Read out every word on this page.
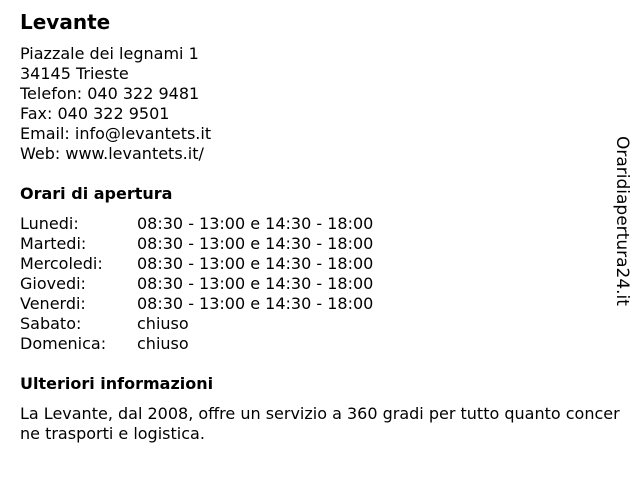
Levante
Piazzale dei legnami 1
34145 Trieste
Telefon: 040 322 9481
Fax: 040 322 9501
Email: info@levantets.it
Web: www.levantets.it/
Orari di apertura
Lunedi:	08:30 - 13:00 e 14:30 - 18:00
Martedi:	08:30 - 13:00 e 14:30 - 18:00
Mercoledi:	08:30 - 13:00 e 14:30 - 18:00
Giovedi:	08:30 - 13:00 e 14:30 - 18:00
Venerdi:	08:30 - 13:00 e 14:30 - 18:00
Sabato:	chiuso
Domenica:	chiuso
Ulteriori informazioni
La Levante, dal 2008, offre un servizio a 360 gradi per tutto quanto concerne trasporti e logistica.
Oraridiapertura24.it
